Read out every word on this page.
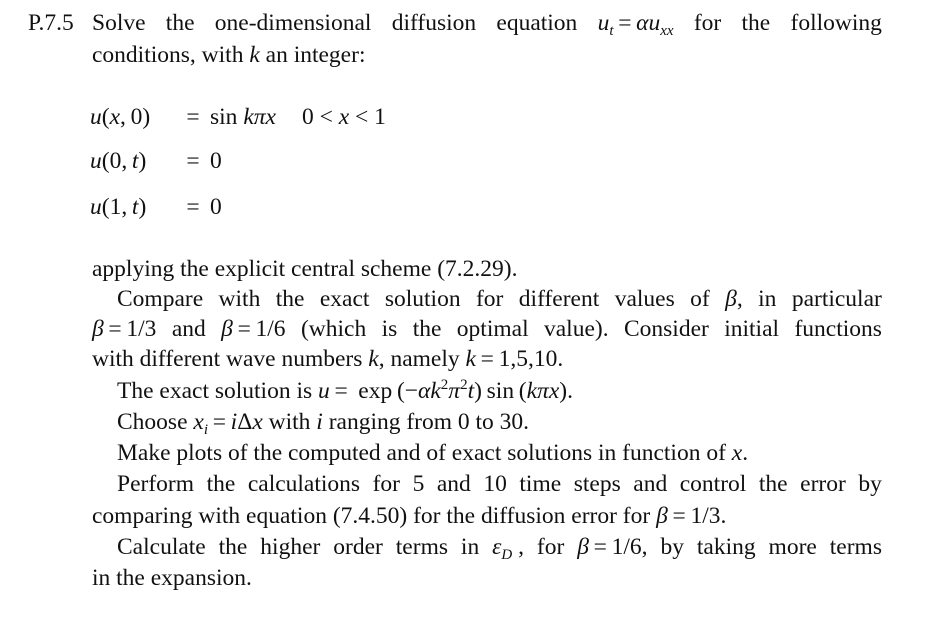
P.7.5 Solve the one-dimensional diffusion equation $u_t = \alpha u_{xx}$ for the following
conditions, with k an integer:
u(x, 0) = sin kπx 0 < x < 1
u(0, t) = 0
u(1, t) = 0
applying the explicit central scheme (7.2.29).
Compare with the exact solution for different values of β, in particular
β = 1/3 and β = 1/6 (which is the optimal value). Consider initial functions
with different wave numbers k, namely k = 1,5,10.
The exact solution is $u = \exp (-\alpha k^2\pi^2t)$ sin (kπx).
Choose $x_i = i\Delta x$ with i ranging from 0 to 30.
Make plots of the computed and of exact solutions in function of x.
Perform the calculations for 5 and 10 time steps and control the error by
comparing with equation (7.4.50) for the diffusion error for β = 1/3.
Calculate the higher order terms in $\varepsilon_D$ , for β = 1/6, by taking more terms
in the expansion.
